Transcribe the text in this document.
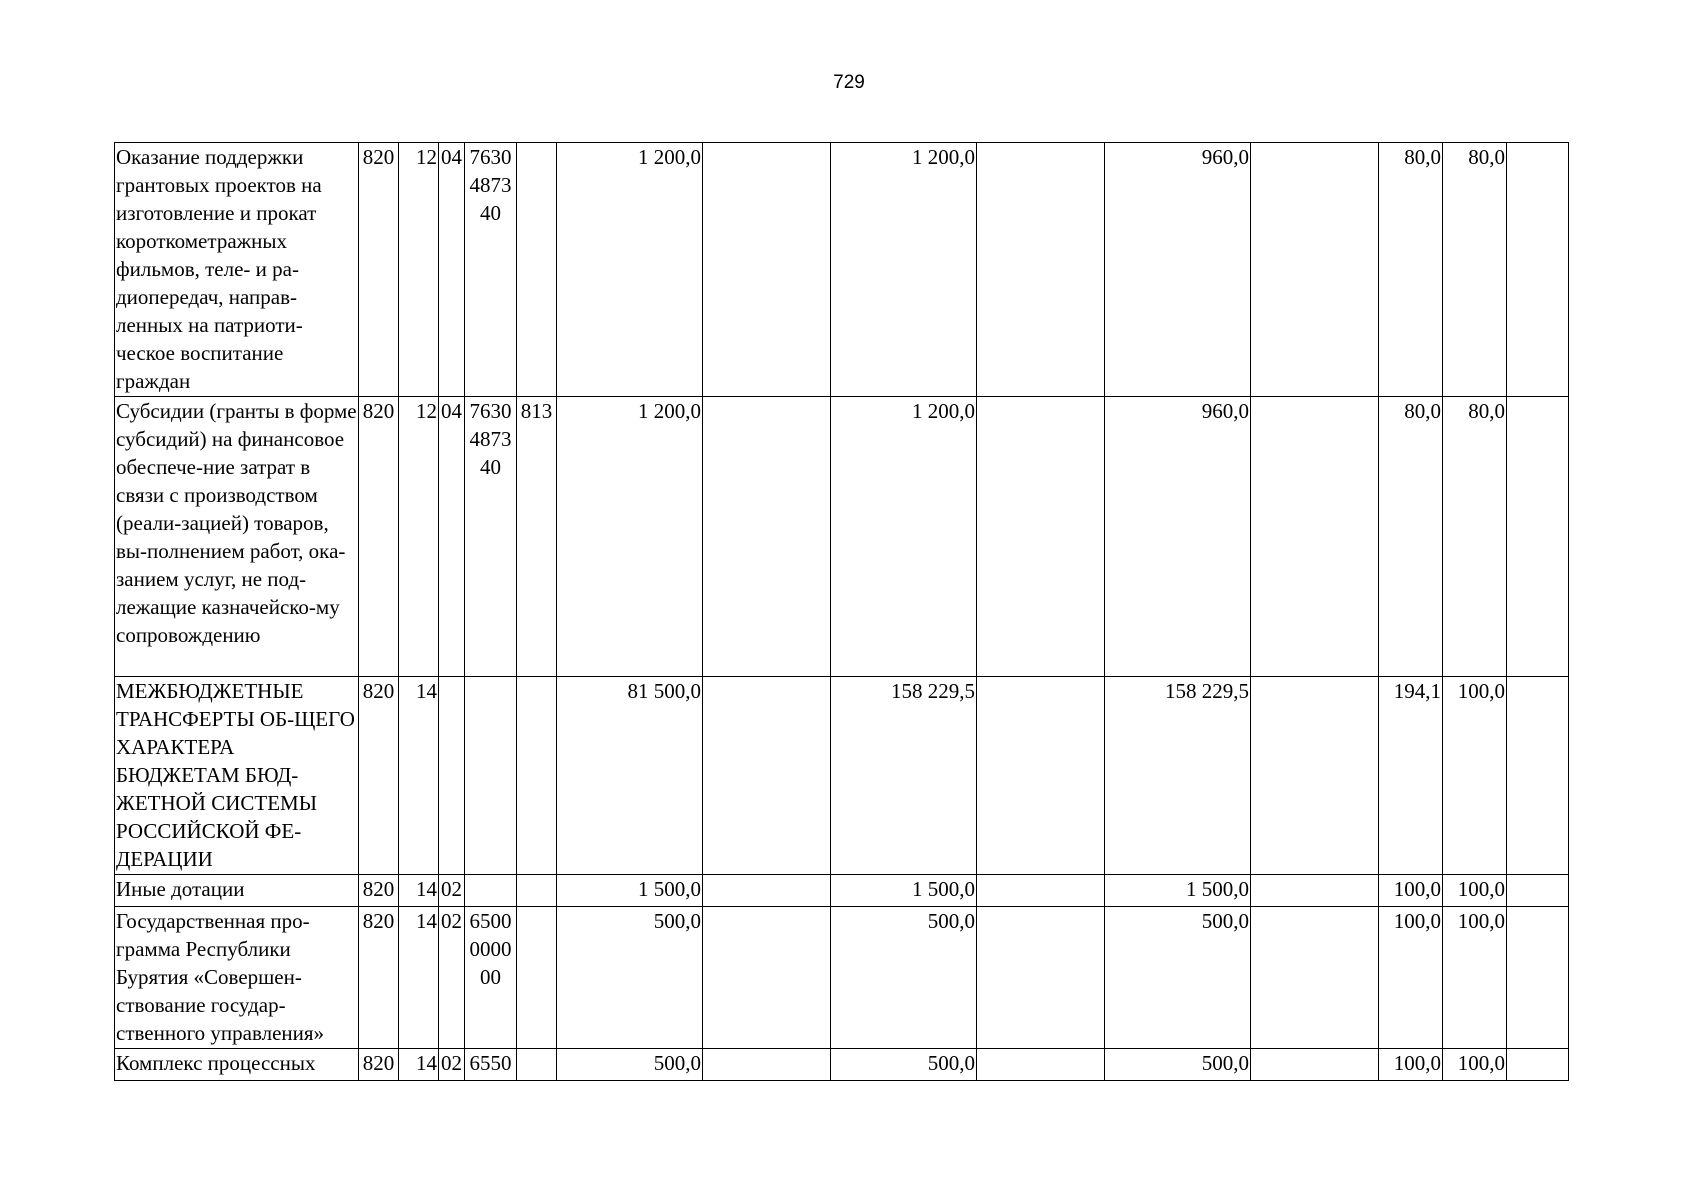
729
Оказание поддержки грантовых проектов на изготовление и прокат короткометражных фильмов, теле- и ра-диопередач, направ-ленных на патриоти-ческое воспитание граждан	820	12	04	7630487340		1 200,0		1 200,0		960,0		80,0	80,0	
Субсидии (гранты в форме субсидий) на финансовое обеспече-ние затрат в связи с производством (реали-зацией) товаров, вы-полнением работ, ока-занием услуг, не под-лежащие казначейско-му сопровождению	820	12	04	7630487340	813	1 200,0		1 200,0		960,0		80,0	80,0	
МЕЖБЮДЖЕТНЫЕ ТРАНСФЕРТЫ ОБ-ЩЕГО ХАРАКТЕРА БЮДЖЕТАМ БЮД-ЖЕТНОЙ СИСТЕМЫ РОССИЙСКОЙ ФЕ-ДЕРАЦИИ	820	14				81 500,0		158 229,5		158 229,5		194,1	100,0	
Иные дотации	820	14	02			1 500,0		1 500,0		1 500,0		100,0	100,0	
Государственная про-грамма Республики Бурятия «Совершен-ствование государ-ственного управления»	820	14	02	6500000000		500,0		500,0		500,0		100,0	100,0	
Комплекс процессных	820	14	02	6550		500,0		500,0		500,0		100,0	100,0	
